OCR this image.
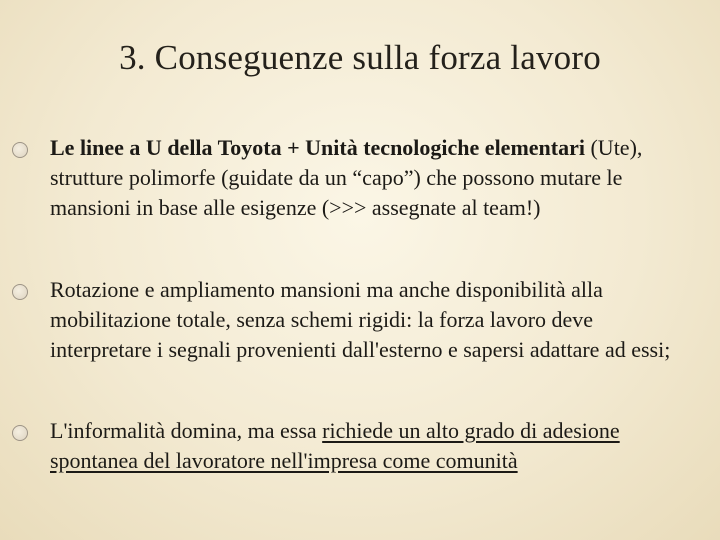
3. Conseguenze sulla forza lavoro
Le linee a U della Toyota + Unità tecnologiche elementari (Ute), strutture polimorfe (guidate da un “capo”) che possono mutare le mansioni in base alle esigenze (>>> assegnate al team!)
Rotazione e ampliamento mansioni ma anche disponibilità alla mobilitazione totale, senza schemi rigidi: la forza lavoro deve interpretare i segnali provenienti dall'esterno e sapersi adattare ad essi;
L'informalità domina, ma essa richiede un alto grado di adesione spontanea del lavoratore nell'impresa come comunità
